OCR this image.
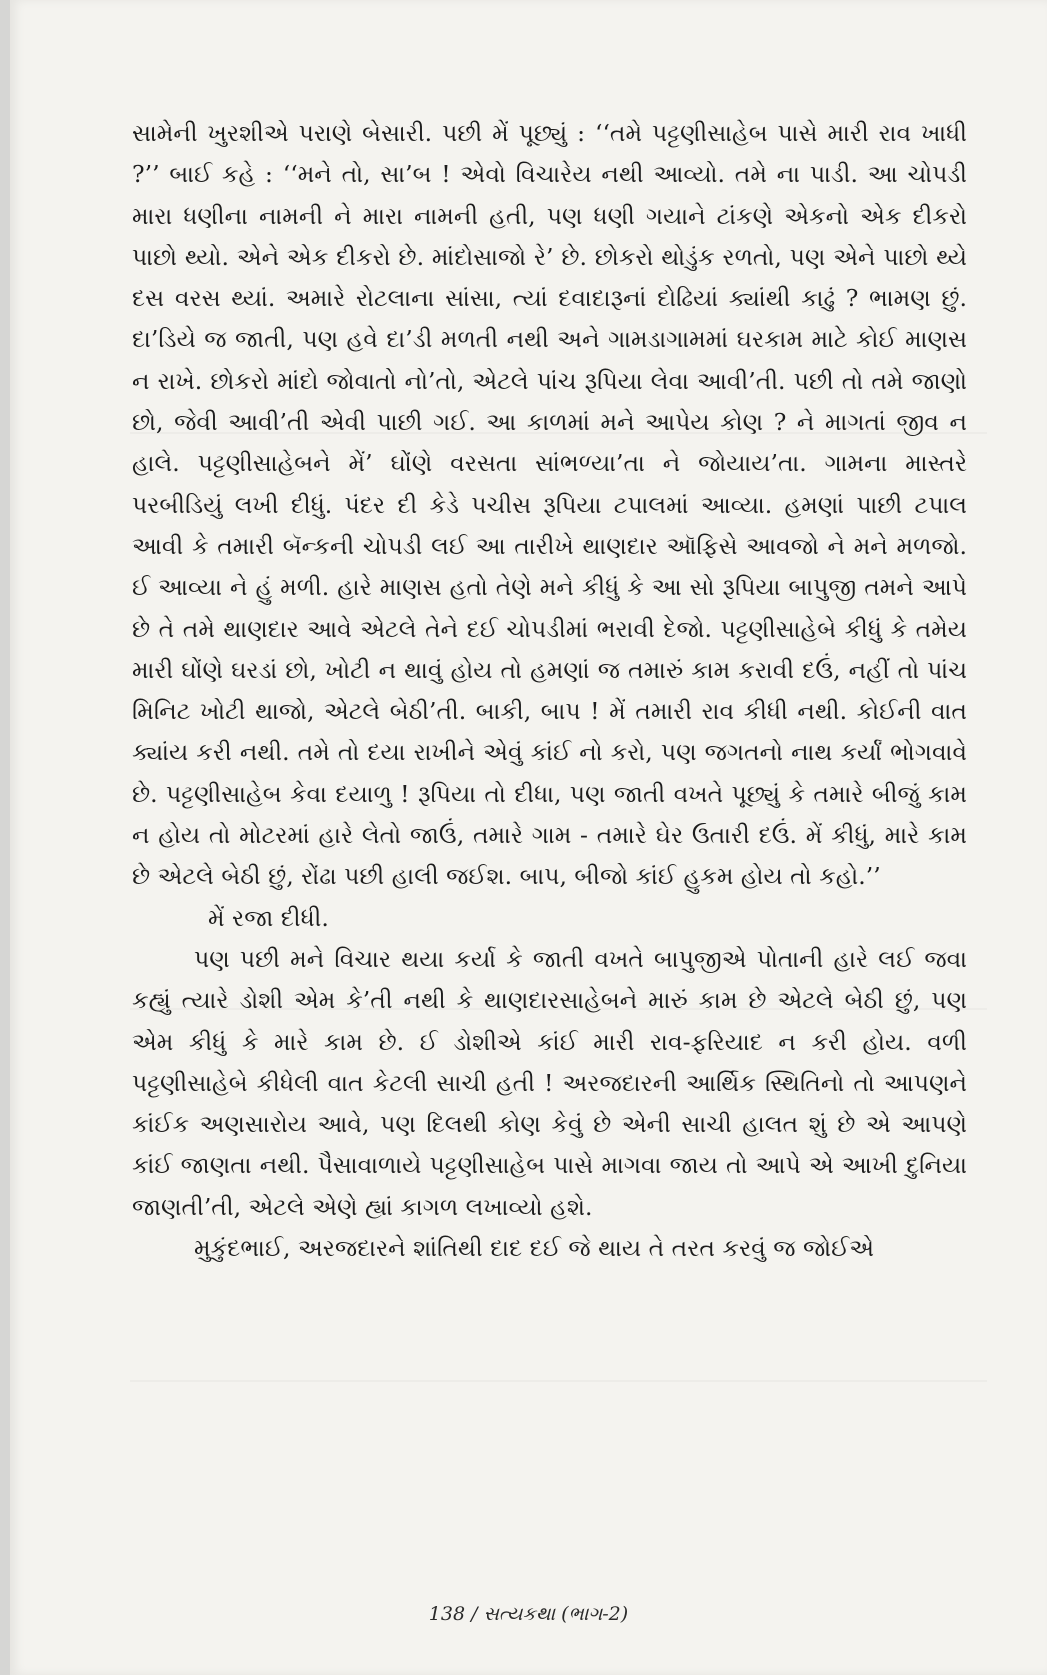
સામેની ખુરશીએ પરાણે બેસારી. પછી મેં પૂછ્યું : ‘‘તમે પટ્ટણીસાહેબ પાસે મારી રાવ ખાધી ?’’ બાઈ કહે : ‘‘મને તો, સા’બ ! એવો વિચારેય નથી આવ્યો. તમે ના પાડી. આ ચોપડી મારા ધણીના નામની ને મારા નામની હતી, પણ ધણી ગયાને ટાંકણે એકનો એક દીકરો પાછો થ્યો. એને એક દીકરો છે. માંદોસાજો રે’ છે. છોકરો થોડુંક રળતો, પણ એને પાછો થ્યે દસ વરસ થ્યાં. અમારે રોટલાના સાંસા, ત્યાં દવાદારૂનાં દોઢિયાં ક્યાંથી કાઢું ? ભામણ છું. દા’ડિયે જ જાતી, પણ હવે દા’ડી મળતી નથી અને ગામડાગામમાં ઘરકામ માટે કોઈ માણસ ન રાખે. છોકરો માંદો જોવાતો નો’તો, એટલે પાંચ રૂપિયા લેવા આવી’તી. પછી તો તમે જાણો છો, જેવી આવી’તી એવી પાછી ગઈ. આ કાળમાં મને આપેય કોણ ? ને માગતાં જીવ ન હાલે. પટ્ટણીસાહેબને મેં’ ઘોંણે વરસતા સાંભળ્યા’તા ને જોયાય’તા. ગામના માસ્તરે પરબીડિયું લખી દીધું. પંદર દી કેડે પચીસ રૂપિયા ટપાલમાં આવ્યા. હમણાં પાછી ટપાલ આવી કે તમારી બૅન્કની ચોપડી લઈ આ તારીખે થાણદાર ઑફિસે આવજો ને મને મળજો. ઈ આવ્યા ને હું મળી. હારે માણસ હતો તેણે મને કીધું કે આ સો રૂપિયા બાપુજી તમને આપે છે તે તમે થાણદાર આવે એટલે તેને દઈ ચોપડીમાં ભરાવી દેજો. પટ્ટણીસાહેબે કીધું કે તમેય મારી ઘોંણે ઘરડાં છો, ખોટી ન થાવું હોય તો હમણાં જ તમારું કામ કરાવી દઉં, નહીં તો પાંચ મિનિટ ખોટી થાજો, એટલે બેઠી’તી. બાકી, બાપ ! મેં તમારી રાવ કીધી નથી. કોઈની વાત ક્યાંય કરી નથી. તમે તો દયા રાખીને એવું કાંઈ નો કરો, પણ જગતનો નાથ કર્યાં ભોગવાવે છે. પટ્ટણીસાહેબ કેવા દયાળુ ! રૂપિયા તો દીધા, પણ જાતી વખતે પૂછ્યું કે તમારે બીજું કામ ન હોય તો મોટરમાં હારે લેતો જાઉં, તમારે ગામ - તમારે ઘેર ઉતારી દઉં. મેં કીધું, મારે કામ છે એટલે બેઠી છું, રોંઢા પછી હાલી જઈશ. બાપ, બીજો કાંઈ હુકમ હોય તો કહો.’’

મેં રજા દીધી.

પણ પછી મને વિચાર થયા કર્યા કે જાતી વખતે બાપુજીએ પોતાની હારે લઈ જવા કહ્યું ત્યારે ડોશી એમ કે’તી નથી કે થાણદારસાહેબને મારું કામ છે એટલે બેઠી છું, પણ એમ કીધું કે મારે કામ છે. ઈ ડોશીએ કાંઈ મારી રાવ-ફરિયાદ ન કરી હોય. વળી પટ્ટણીસાહેબે કીધેલી વાત કેટલી સાચી હતી ! અરજદારની આર્થિક સ્થિતિનો તો આપણને કાંઈક અણસારોય આવે, પણ દિલથી કોણ કેવું છે એની સાચી હાલત શું છે એ આપણે કાંઈ જાણતા નથી. પૈસાવાળાયે પટ્ટણીસાહેબ પાસે માગવા જાય તો આપે એ આખી દુનિયા જાણતી’તી, એટલે એણે હ્યાં કાગળ લખાવ્યો હશે.

મુકુંદભાઈ, અરજદારને શાંતિથી દાદ દઈ જે થાય તે તરત કરવું જ જોઈએ

138 / સત્યકથા (ભાગ-2)
